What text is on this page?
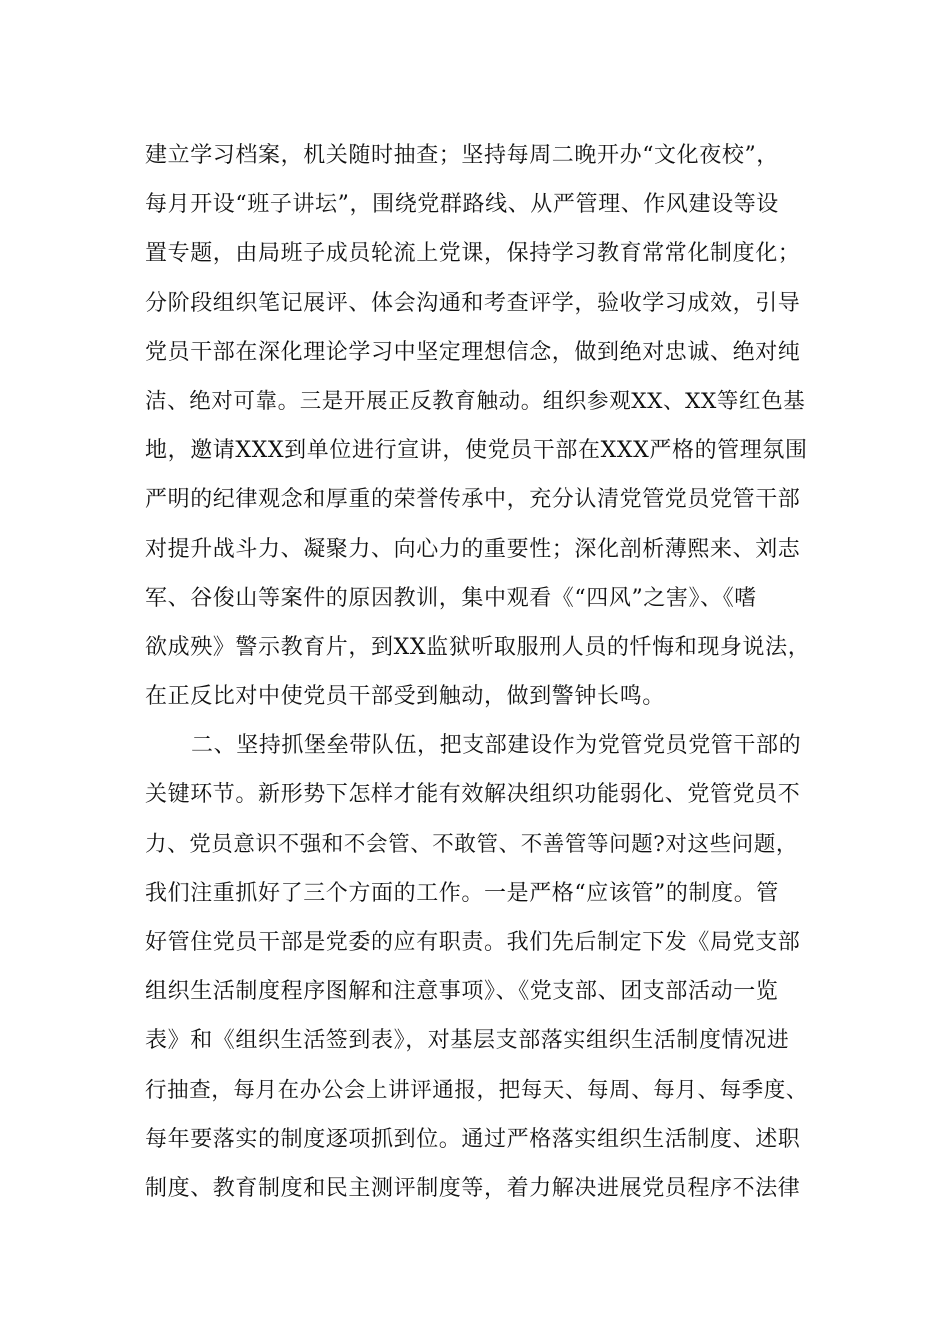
建立学习档案，机关随时抽查；坚持每周二晚开办“文化夜校”，
每月开设“班子讲坛”，围绕党群路线、从严管理、作风建设等设
置专题，由局班子成员轮流上党课，保持学习教育常常化制度化；
分阶段组织笔记展评、体会沟通和考查评学，验收学习成效，引导
党员干部在深化理论学习中坚定理想信念，做到绝对忠诚、绝对纯
洁、绝对可靠。三是开展正反教育触动。组织参观XX、XX等红色基
地，邀请XXX到单位进行宣讲，使党员干部在XXX严格的管理氛围
严明的纪律观念和厚重的荣誉传承中，充分认清党管党员党管干部
对提升战斗力、凝聚力、向心力的重要性；深化剖析薄熙来、刘志
军、谷俊山等案件的原因教训，集中观看《“四风”之害》、《嗜
欲成殃》警示教育片，到XX监狱听取服刑人员的忏悔和现身说法，
在正反比对中使党员干部受到触动，做到警钟长鸣。
二、坚持抓堡垒带队伍，把支部建设作为党管党员党管干部的
关键环节。新形势下怎样才能有效解决组织功能弱化、党管党员不
力、党员意识不强和不会管、不敢管、不善管等问题?对这些问题，
我们注重抓好了三个方面的工作。一是严格“应该管”的制度。管
好管住党员干部是党委的应有职责。我们先后制定下发《局党支部
组织生活制度程序图解和注意事项》、《党支部、团支部活动一览
表》和《组织生活签到表》，对基层支部落实组织生活制度情况进
行抽查，每月在办公会上讲评通报，把每天、每周、每月、每季度、
每年要落实的制度逐项抓到位。通过严格落实组织生活制度、述职
制度、教育制度和民主测评制度等，着力解决进展党员程序不法律
